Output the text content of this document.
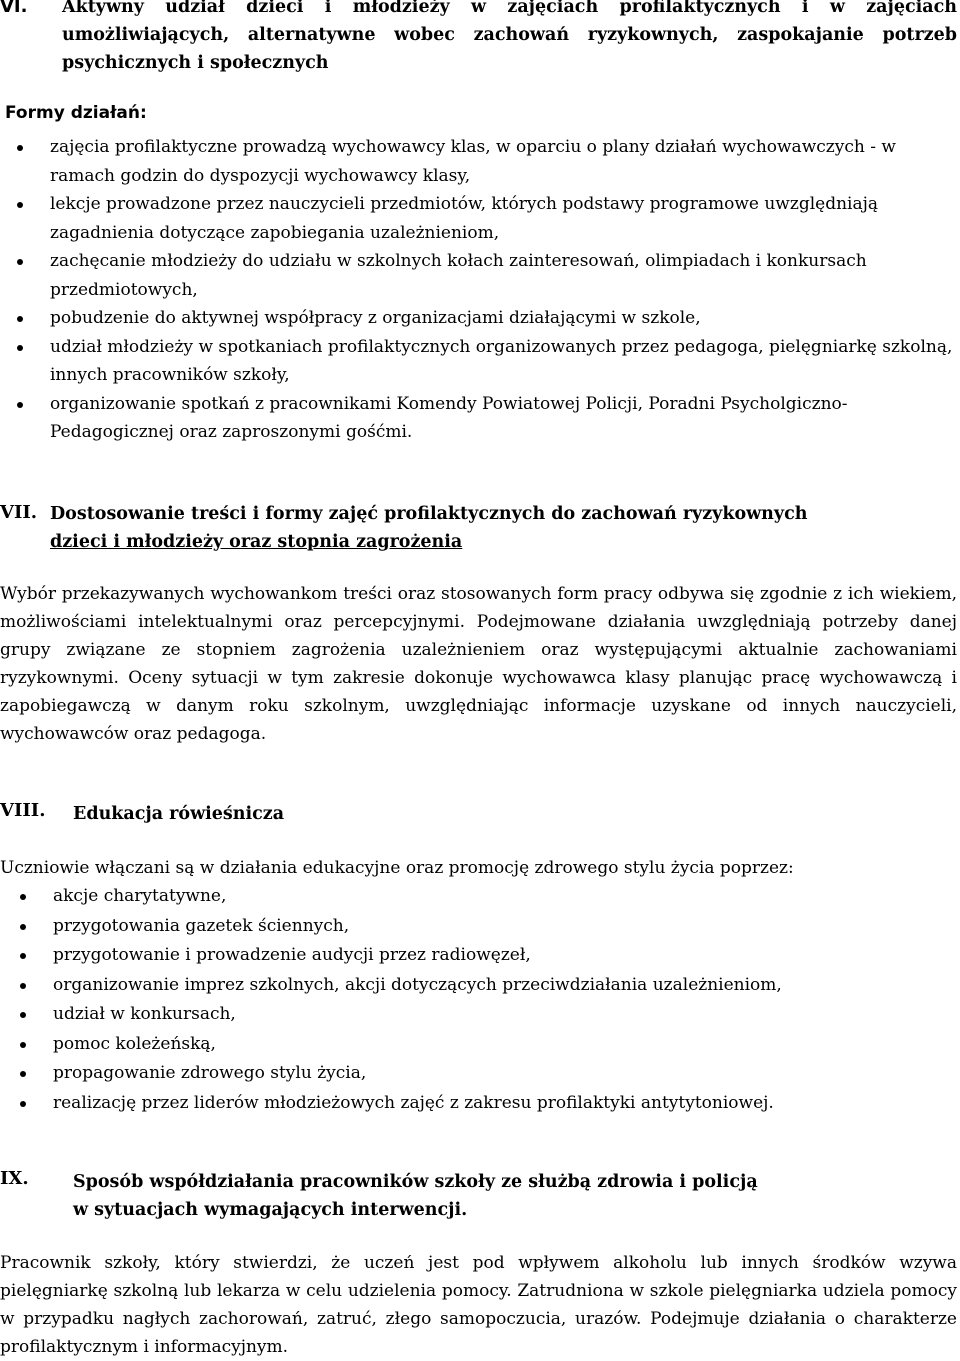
VI. Aktywny udział dzieci i młodzieży w zajęciach profilaktycznych i w zajęciach umożliwiających, alternatywne wobec zachowań ryzykownych, zaspokajanie potrzeb psychicznych i społecznych
Formy działań:
zajęcia profilaktyczne prowadzą wychowawcy klas, w oparciu o plany działań wychowawczych - w ramach godzin do dyspozycji wychowawcy klasy,
lekcje prowadzone przez nauczycieli przedmiotów, których podstawy programowe uwzględniają zagadnienia dotyczące zapobiegania uzależnieniom,
zachęcanie młodzieży do udziału w szkolnych kołach zainteresowań, olimpiadach i konkursach przedmiotowych,
pobudzenie do aktywnej współpracy z organizacjami działającymi w szkole,
udział młodzieży w spotkaniach profilaktycznych organizowanych przez pedagoga, pielęgniarkę szkolną, innych pracowników szkoły,
organizowanie spotkań z pracownikami Komendy Powiatowej Policji, Poradni Psycholgiczno-Pedagogicznej oraz zaproszonymi gośćmi.
VII. Dostosowanie treści i formy zajęć profilaktycznych do zachowań ryzykownych
dzieci i młodzieży oraz stopnia zagrożenia

Wybór przekazywanych wychowankom treści oraz stosowanych form pracy odbywa się zgodnie z ich wiekiem, możliwościami intelektualnymi oraz percepcyjnymi. Podejmowane działania uwzględniają potrzeby danej grupy związane ze stopniem zagrożenia uzależnieniem oraz występującymi aktualnie zachowaniami ryzykownymi. Oceny sytuacji w tym zakresie dokonuje wychowawca klasy planując pracę wychowawczą i zapobiegawczą w danym roku szkolnym, uwzględniając informacje uzyskane od innych nauczycieli, wychowawców oraz pedagoga.

VIII. Edukacja rówieśnicza

Uczniowie włączani są w działania edukacyjne oraz promocję zdrowego stylu życia poprzez:

akcje charytatywne,
przygotowania gazetek ściennych,
przygotowanie i prowadzenie audycji przez radiowęzeł,
organizowanie imprez szkolnych, akcji dotyczących przeciwdziałania uzależnieniom,
udział w konkursach,
pomoc koleżeńską,
propagowanie zdrowego stylu życia,
realizację przez liderów młodzieżowych zajęć z zakresu profilaktyki antytytoniowej.
IX.	Sposób współdziałania pracowników szkoły ze służbą zdrowia i policją
w sytuacjach wymagających interwencji.

Pracownik szkoły, który stwierdzi, że uczeń jest pod wpływem alkoholu lub innych środków wzywa pielęgniarkę szkolną lub lekarza w celu udzielenia pomocy. Zatrudniona w szkole pielęgniarka udziela pomocy w przypadku nagłych zachorowań, zatruć, złego samopoczucia, urazów. Podejmuje działania o charakterze profilaktycznym i informacyjnym.
